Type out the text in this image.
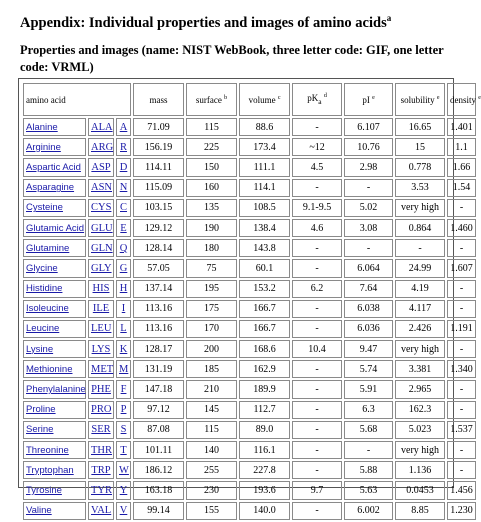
Appendix: Individual properties and images of amino acids$^a$
Properties and images (name: NIST WebBook, three letter code: GIF, one letter code: VRML)
amino acid			mass	surface $^b$	volume $^c$	$pK_a$ $^d$	pI $^e$	solubility $^e$	density $^e$
Alanine	ALA	A	71.09	115	88.6	-	6.107	16.65	1.401
Arginine	ARG	R	156.19	225	173.4	~12	10.76	15	1.1
Aspartic Acid	ASP	D	114.11	150	111.1	4.5	2.98	0.778	1.66
Asparagine	ASN	N	115.09	160	114.1	-	-	3.53	1.54
Cysteine	CYS	C	103.15	135	108.5	9.1-9.5	5.02	very high	-
Glutamic Acid	GLU	E	129.12	190	138.4	4.6	3.08	0.864	1.460
Glutamine	GLN	Q	128.14	180	143.8	-	-	-	-
Glycine	GLY	G	57.05	75	60.1	-	6.064	24.99	1.607
Histidine	HIS	H	137.14	195	153.2	6.2	7.64	4.19	-
Isoleucine	ILE	I	113.16	175	166.7	-	6.038	4.117	-
Leucine	LEU	L	113.16	170	166.7	-	6.036	2.426	1.191
Lysine	LYS	K	128.17	200	168.6	10.4	9.47	very high	-
Methionine	MET	M	131.19	185	162.9	-	5.74	3.381	1.340
Phenylalanine	PHE	F	147.18	210	189.9	-	5.91	2.965	-
Proline	PRO	P	97.12	145	112.7	-	6.3	162.3	-
Serine	SER	S	87.08	115	89.0	-	5.68	5.023	1.537
Threonine	THR	T	101.11	140	116.1	-	-	very high	-
Tryptophan	TRP	W	186.12	255	227.8	-	5.88	1.136	-
Tyrosine	TYR	Y	163.18	230	193.6	9.7	5.63	0.0453	1.456
Valine	VAL	V	99.14	155	140.0	-	6.002	8.85	1.230
